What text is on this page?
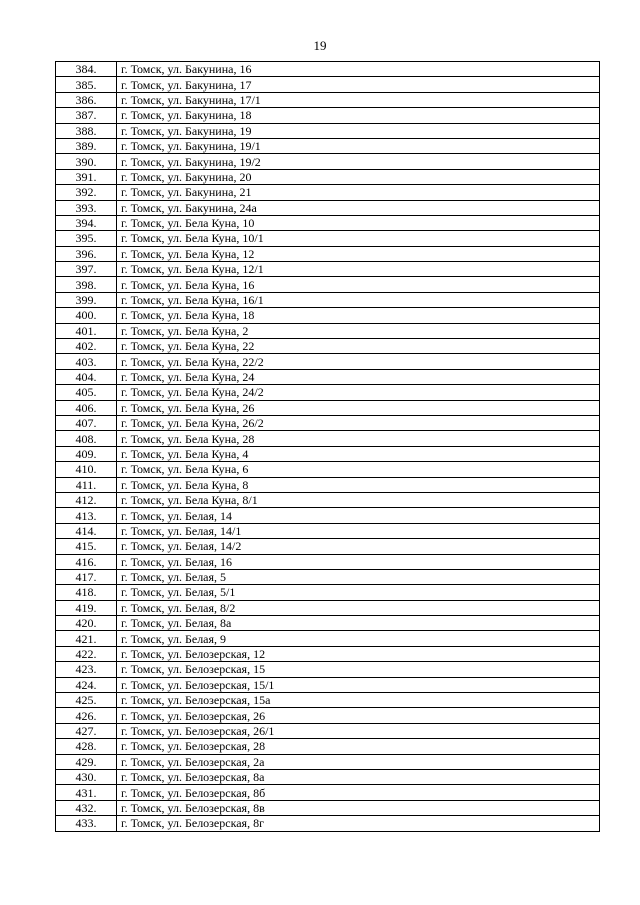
19
384.	г. Томск, ул. Бакунина, 16
385.	г. Томск, ул. Бакунина, 17
386.	г. Томск, ул. Бакунина, 17/1
387.	г. Томск, ул. Бакунина, 18
388.	г. Томск, ул. Бакунина, 19
389.	г. Томск, ул. Бакунина, 19/1
390.	г. Томск, ул. Бакунина, 19/2
391.	г. Томск, ул. Бакунина, 20
392.	г. Томск, ул. Бакунина, 21
393.	г. Томск, ул. Бакунина, 24а
394.	г. Томск, ул. Бела Куна, 10
395.	г. Томск, ул. Бела Куна, 10/1
396.	г. Томск, ул. Бела Куна, 12
397.	г. Томск, ул. Бела Куна, 12/1
398.	г. Томск, ул. Бела Куна, 16
399.	г. Томск, ул. Бела Куна, 16/1
400.	г. Томск, ул. Бела Куна, 18
401.	г. Томск, ул. Бела Куна, 2
402.	г. Томск, ул. Бела Куна, 22
403.	г. Томск, ул. Бела Куна, 22/2
404.	г. Томск, ул. Бела Куна, 24
405.	г. Томск, ул. Бела Куна, 24/2
406.	г. Томск, ул. Бела Куна, 26
407.	г. Томск, ул. Бела Куна, 26/2
408.	г. Томск, ул. Бела Куна, 28
409.	г. Томск, ул. Бела Куна, 4
410.	г. Томск, ул. Бела Куна, 6
411.	г. Томск, ул. Бела Куна, 8
412.	г. Томск, ул. Бела Куна, 8/1
413.	г. Томск, ул. Белая, 14
414.	г. Томск, ул. Белая, 14/1
415.	г. Томск, ул. Белая, 14/2
416.	г. Томск, ул. Белая, 16
417.	г. Томск, ул. Белая, 5
418.	г. Томск, ул. Белая, 5/1
419.	г. Томск, ул. Белая, 8/2
420.	г. Томск, ул. Белая, 8а
421.	г. Томск, ул. Белая, 9
422.	г. Томск, ул. Белозерская, 12
423.	г. Томск, ул. Белозерская, 15
424.	г. Томск, ул. Белозерская, 15/1
425.	г. Томск, ул. Белозерская, 15а
426.	г. Томск, ул. Белозерская, 26
427.	г. Томск, ул. Белозерская, 26/1
428.	г. Томск, ул. Белозерская, 28
429.	г. Томск, ул. Белозерская, 2а
430.	г. Томск, ул. Белозерская, 8а
431.	г. Томск, ул. Белозерская, 8б
432.	г. Томск, ул. Белозерская, 8в
433.	г. Томск, ул. Белозерская, 8г
